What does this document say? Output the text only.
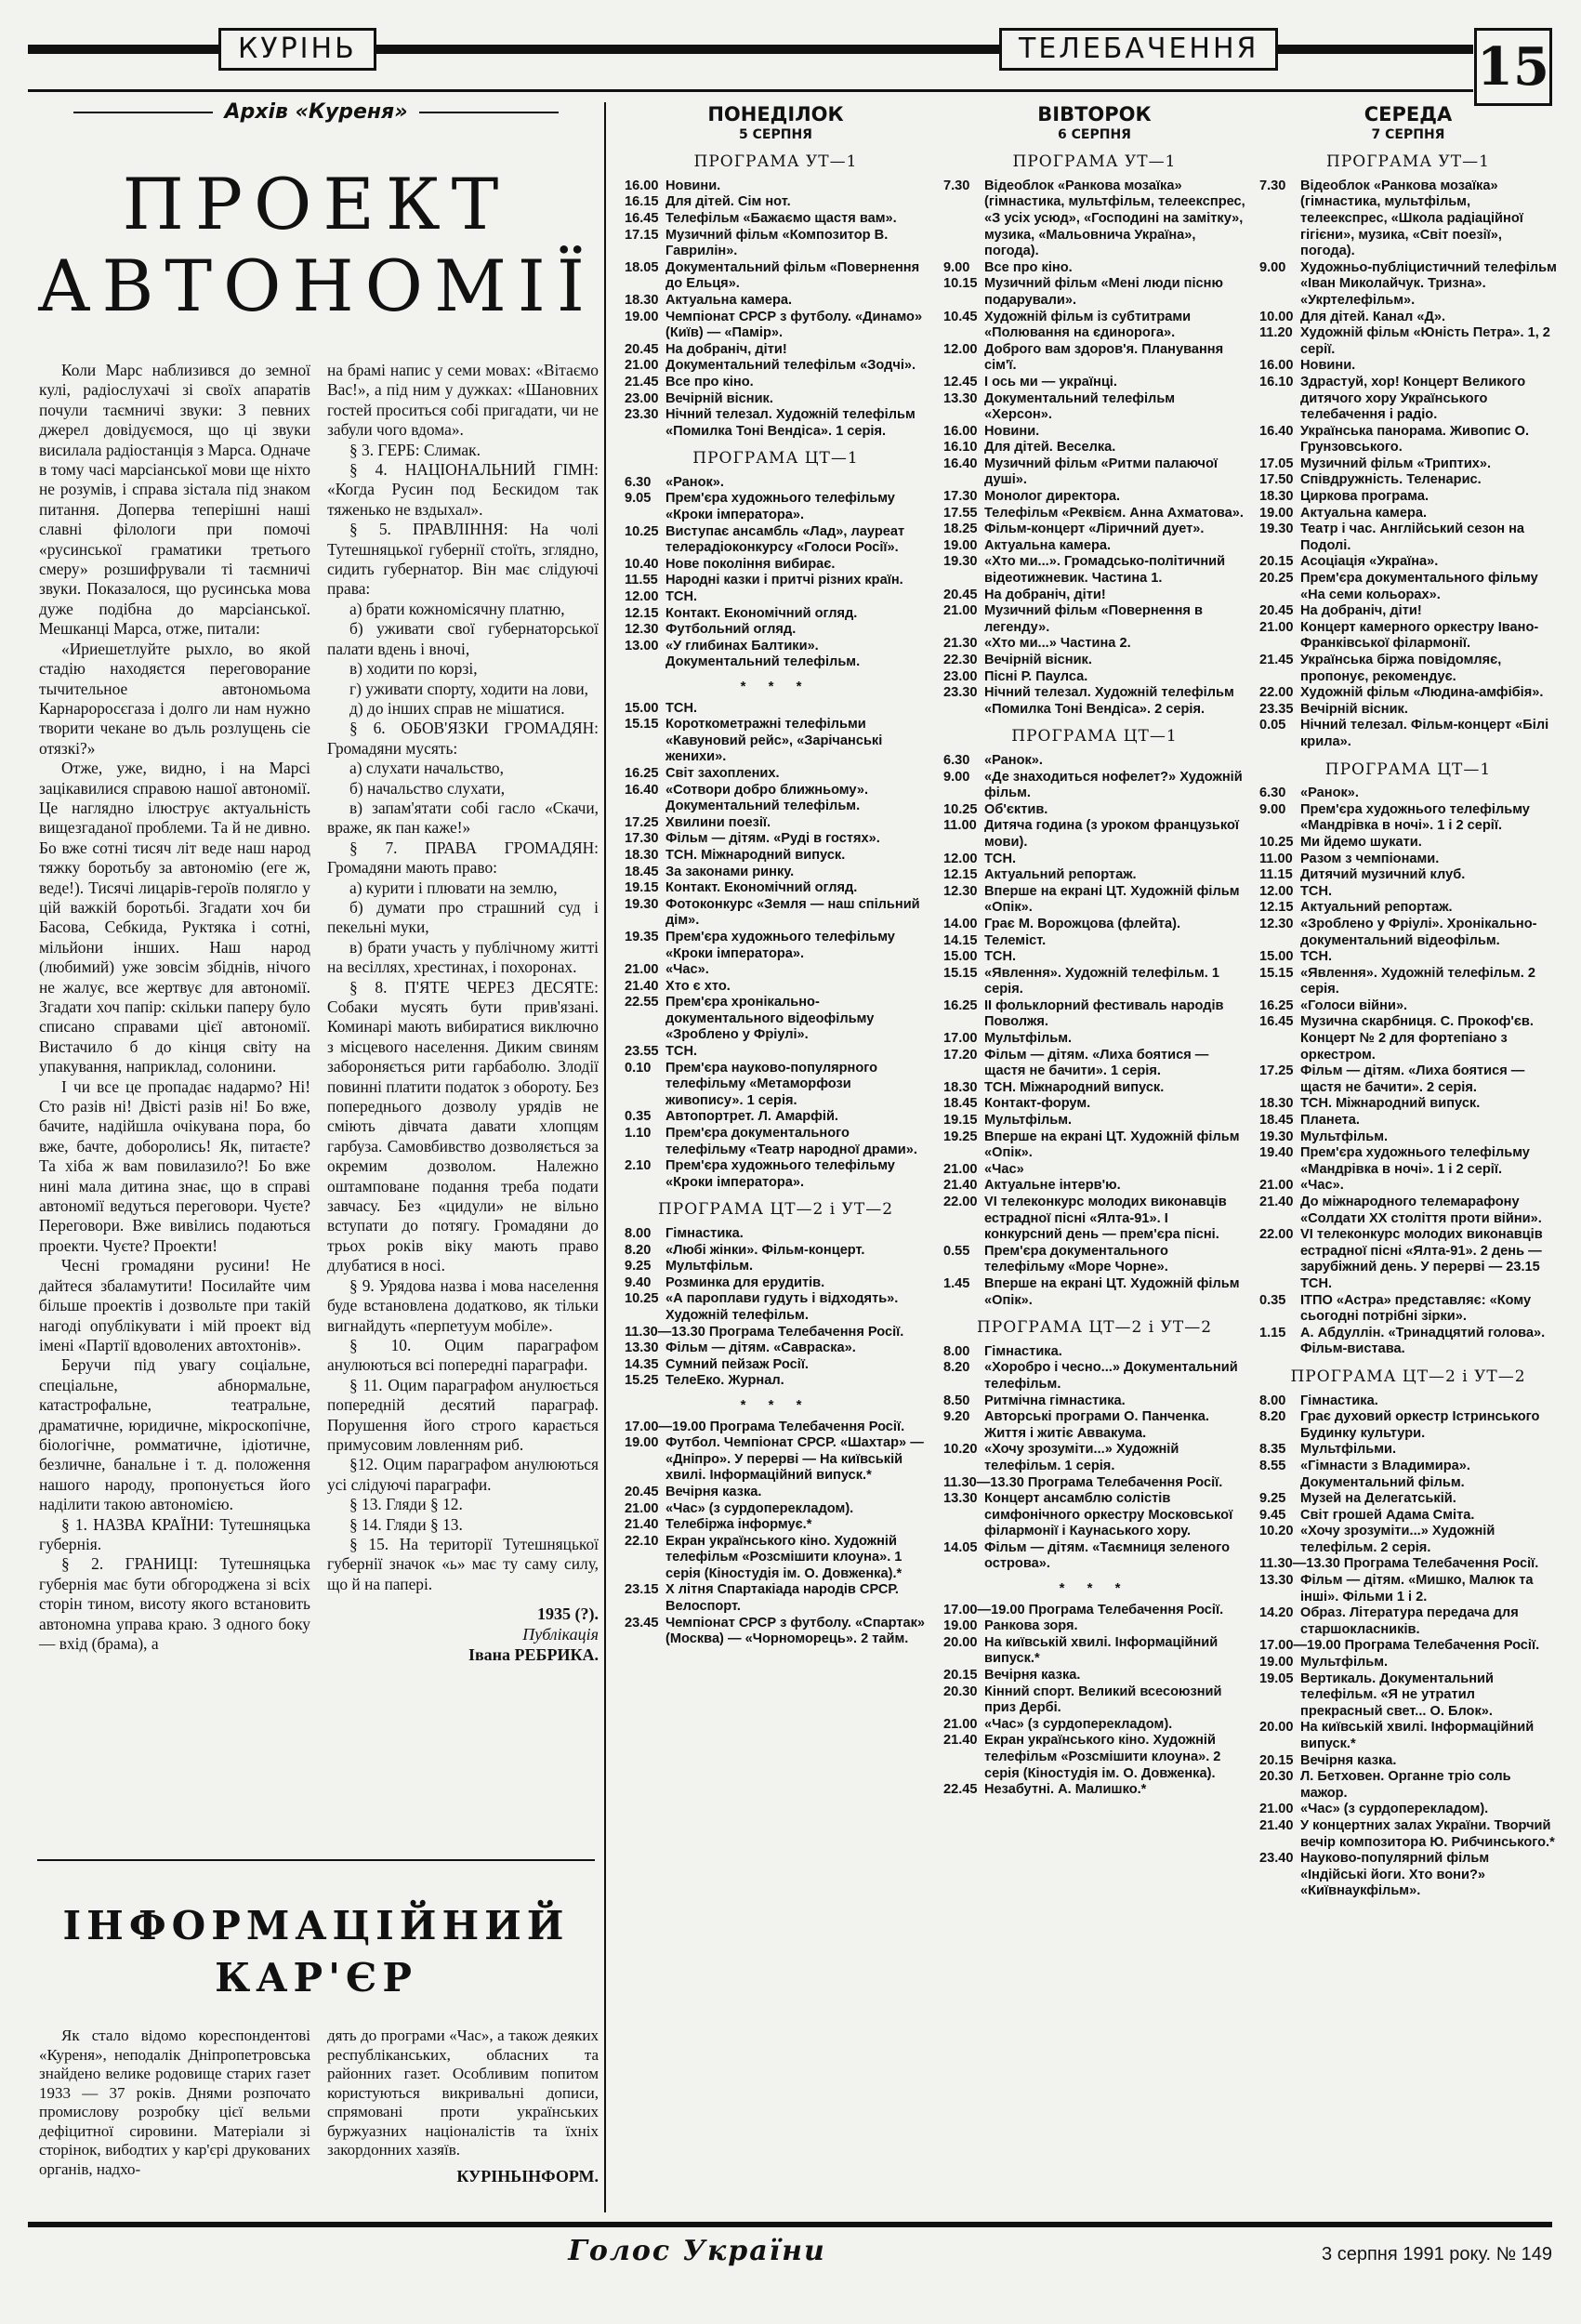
КУРІНЬ	ТЕЛЕБАЧЕННЯ	15
Архів «Куреня»
ПРОЕКТ
АВТОНОМІЇ

Коли Марс наблизився до земної кулі, радіослухачі зі своїх апаратів почули таємничі звуки: З певних джерел довідуємося, що ці звуки висилала радіостанція з Марса. Одначе в тому часі марсіанської мови ще ніхто не розумів, і справа зістала під знаком питання. Доперва теперішні наші славні філологи при помочі «русинської граматики третього смеру» розшифрували ті таємничі звуки. Показалося, що русинська мова дуже подібна до марсіанської. Мешканці Марса, отже, питали:

«Ириешетлуйте рыхло, во якой стадію находяєтся переговорание тычительное автономьома Карнароросєгаза і долго ли нам нужно творити чекане во дъль розлущень сіе отязкі?»

Отже, уже, видно, і на Марсі зацікавилися справою нашої автономії. Це наглядно ілюструє актуальність вищезгаданої проблеми. Та й не дивно. Бо вже сотні тисяч літ веде наш народ тяжку боротьбу за автономію (еге ж, веде!). Тисячі лицарів-героїв полягло у цій важкій боротьбі. Згадати хоч би Басова, Себкида, Руктяка і сотні, мільйони інших. Наш народ (любимий) уже зовсім збіднів, нічого не жалує, все жертвує для автономії. Згадати хоч папір: скільки паперу було списано справами цієї автономії. Вистачило б до кінця світу на упакування, наприклад, солонини.

І чи все це пропадає надармо? Ні! Сто разів ні! Двісті разів ні! Бо вже, бачите, надійшла очікувана пора, бо вже, бачте, доборолись! Як, питаєте? Та хіба ж вам повилазило?! Бо вже нині мала дитина знає, що в справі автономії ведуться переговори. Чуєте? Переговори. Вже вивілись подаються проекти. Чуєте? Проекти!

Чесні громадяни русини! Не дайтеся збаламутити! Посилайте чим більше проектів і дозвольте при такій нагоді опублікувати і мій проект від імені «Партії вдоволених автохтонів».

Беручи під увагу соціальне, спеціальне, абнормальне, катастрофальне, театральне, драматичне, юридичне, мікроскопічне, біологічне, ромматичне, ідіотичне, безличне, банальне і т. д. положення нашого народу, пропонується його наділити такою автономією.

§ 1. НАЗВА КРАЇНИ: Тутешняцька губернія.

§ 2. ГРАНИЦІ: Тутешняцька губернія має бути обгороджена зі всіх сторін тином, висоту якого встановить автономна управа краю. З одного боку — вхід (брама), а

на брамі напис у семи мовах: «Вітаємо Вас!», а під ним у дужках: «Шановних гостей проситься собі пригадати, чи не забули чого вдома».

§ 3. ГЕРБ: Слимак.

§ 4. НАЦІОНАЛЬНИЙ ГІМН: «Когда Русин под Бескидом так тяженько не вздыхал».

§ 5. ПРАВЛІННЯ: На чолі Тутешняцької губернії стоїть, зглядно, сидить губернатор. Він має слідуючі права:

а) брати кожномісячну платню,

б) уживати свої губернаторської палати вдень і вночі,

в) ходити по корзі,

г) уживати спорту, ходити на лови,

д) до інших справ не мішатися.

§ 6. ОБОВ'ЯЗКИ ГРОМАДЯН: Громадяни мусять:

а) слухати начальство,

б) начальство слухати,

в) запам'ятати собі гасло «Скачи, враже, як пан каже!»

§ 7. ПРАВА ГРОМАДЯН: Громадяни мають право:

а) курити і плювати на землю,

б) думати про страшний суд і пекельні муки,

в) брати участь у публічному житті на весіллях, хрестинах, і похоронах.

§ 8. П'ЯТЕ ЧЕРЕЗ ДЕСЯТЕ: Собаки мусять бути прив'язані. Коминарі мають вибиратися виключно з місцевого населення. Диким свиням забороняється рити гарбаболю. Злодії повинні платити податок з обороту. Без попереднього дозволу урядів не сміють дівчата давати хлопцям гарбуза. Самовбивство дозволяється за окремим дозволом. Належно оштамповане подання треба подати завчасу. Без «цидули» не вільно вступати до потягу. Громадяни до трьох років віку мають право длубатися в носі.

§ 9. Урядова назва і мова населення буде встановлена додатково, як тільки вигнайдуть «перпетуум мобіле».

§ 10. Оцим параграфом анулюються всі попередні параграфи.

§ 11. Оцим параграфом анулюється попередній десятий параграф. Порушення його строго карається примусовим ловленням риб.

§12. Оцим параграфом анулюються усі слідуючі параграфи.

§ 13. Гляди § 12.

§ 14. Гляди § 13.

§ 15. На території Тутешняцької губернії значок «ь» має ту саму силу, що й на папері.

1935 (?).
Публікація
Івана РЕБРИКА.
ІНФОРМАЦІЙНИЙ
КАР'ЄР

Як стало відомо кореспондентові «Куреня», неподалік Дніпропетровська знайдено велике родовище старих газет 1933 — 37 років. Днями розпочато промислову розробку цієї вельми дефіцитної сировини. Матеріали зі сторінок, вибодтих у кар'єрі друкованих органів, надхо-

дять до програми «Час», а також деяких республіканських, обласних та районних газет. Особливим попитом користуються викривальні дописи, спрямовані проти українських буржуазних націоналістів та їхніх закордонних хазяїв.

КУРІНЬІНФОРМ.
ПОНЕДІЛОК
5 СЕРПНЯ
ПРОГРАМА УТ—1
16.00 Новини.
16.15 Для дітей. Сім нот.
16.45 Телефільм «Бажаємо щастя вам».
17.15 Музичний фільм «Композитор В. Гаврилін».
18.05 Документальний фільм «Повернення до Ельця».
18.30 Актуальна камера.
19.00 Чемпіонат СРСР з футболу. «Динамо» (Київ) — «Памір».
20.45 На добраніч, діти!
21.00 Документальний телефільм «Зодчі».
21.45 Все про кіно.
23.00 Вечірній вісник.
23.30 Нічний телезал. Художній телефільм «Помилка Тоні Вендіса». 1 серія.
ПРОГРАМА ЦТ—1
6.30	«Ранок».
9.05	Прем'єра художнього телефільму «Кроки імператора».
10.25 Виступає ансамбль «Лад», лауреат телерадіоконкурсу «Голоси Росії».
10.40 Нове покоління вибирає.
11.55 Народні казки і притчі різних країн.
12.00 ТСН.
12.15 Контакт. Економічний огляд.
12.30 Футбольний огляд.
13.00 «У глибинах Балтики». Документальний телефільм.
* * *
15.00 ТСН.
15.15 Короткометражні телефільми «Кавуновий рейс», «Зарічанські женихи».
16.25 Світ захоплених.
16.40 «Сотвори добро ближньому». Документальний телефільм.
17.25 Хвилини поезії.
17.30 Фільм — дітям. «Руді в гостях».
18.30 ТСН. Міжнародний випуск.
18.45 За законами ринку.
19.15 Контакт. Економічний огляд.
19.30 Фотоконкурс «Земля — наш спільний дім».
19.35 Прем'єра художнього телефільму «Кроки імператора».
21.00 «Час».
21.40 Хто є хто.
22.55 Прем'єра хронікально-документального відеофільму «Зроблено у Фріулі».
23.55 ТСН.
0.10	Прем'єра науково-популярного телефільму «Метаморфози живопису». 1 серія.
0.35	Автопортрет. Л. Амарфій.
1.10	Прем'єра документального телефільму «Театр народної драми».
2.10	Прем'єра художнього телефільму «Кроки імператора».
ПРОГРАМА ЦТ—2 і УТ—2
8.00	Гімнастика.
8.20	«Любі жінки». Фільм-концерт.
9.25	Мультфільм.
9.40	Розминка для ерудитів.
10.25 «А пароплави гудуть і відходять». Художній телефільм.
11.30—13.30 Програма Телебачення Росії.
13.30 Фільм — дітям. «Савраска».
14.35 Сумний пейзаж Росії.
15.25 ТелеЕко. Журнал.
* * *
17.00—19.00 Програма Телебачення Росії.
19.00 Футбол. Чемпіонат СРСР. «Шахтар» — «Дніпро». У перерві — На київській хвилі. Інформаційний випуск.*
20.45 Вечірня казка.
21.00 «Час» (з сурдоперекладом).
21.40 Телебіржа інформує.*
22.10 Екран українського кіно. Художній телефільм «Розсмішити клоуна». 1 серія (Кіностудія ім. О. Довженка).*
23.15 X літня Спартакіада народів СРСР. Велоспорт.
23.45 Чемпіонат СРСР з футболу. «Спартак» (Москва) — «Чорноморець». 2 тайм.
ВІВТОРОК
6 СЕРПНЯ
ПРОГРАМА УТ—1
7.30	Відеоблок «Ранкова мозаїка» (гімнастика, мультфільм, телеекспрес, «З усіх усюд», «Господині на замітку», музика, «Мальовнича Україна», погода).
9.00	Все про кіно.
10.15 Музичний фільм «Мені люди пісню подарували».
10.45 Художній фільм із субтитрами «Полювання на єдинорога».
12.00 Доброго вам здоров'я. Планування сім'ї.
12.45 І ось ми — українці.
13.30 Документальний телефільм «Херсон».
16.00 Новини.
16.10 Для дітей. Веселка.
16.40 Музичний фільм «Ритми палаючої душі».
17.30 Монолог директора.
17.55 Телефільм «Реквієм. Анна Ахматова».
18.25 Фільм-концерт «Ліричний дует».
19.00 Актуальна камера.
19.30 «Хто ми...». Громадсько-політичний відеотижневик. Частина 1.
20.45 На добраніч, діти!
21.00 Музичний фільм «Повернення в легенду».
21.30 «Хто ми...» Частина 2.
22.30 Вечірній вісник.
23.00 Пісні Р. Паулса.
23.30 Нічний телезал. Художній телефільм «Помилка Тоні Вендіса». 2 серія.
ПРОГРАМА ЦТ—1
6.30	«Ранок».
9.00	«Де знаходиться нофелет?» Художній фільм.
10.25 Об'єктив.
11.00 Дитяча година (з уроком французької мови).
12.00 ТСН.
12.15 Актуальний репортаж.
12.30 Вперше на екрані ЦТ. Художній фільм «Опік».
14.00 Грає М. Ворожцова (флейта).
14.15 Телеміст.
15.00 ТСН.
15.15 «Явлення». Художній телефільм. 1 серія.
16.25 II фольклорний фестиваль народів Поволжя.
17.00 Мультфільм.
17.20 Фільм — дітям. «Лиха боятися — щастя не бачити». 1 серія.
18.30 ТСН. Міжнародний випуск.
18.45 Контакт-форум.
19.15 Мультфільм.
19.25 Вперше на екрані ЦТ. Художній фільм «Опік».
21.00 «Час»
21.40 Актуальне інтерв'ю.
22.00 VI телеконкурс молодих виконавців естрадної пісні «Ялта-91». І конкурсний день — прем'єра пісні.
0.55	Прем'єра документального телефільму «Море Чорне».
1.45	Вперше на екрані ЦТ. Художній фільм «Опік».
ПРОГРАМА ЦТ—2 і УТ—2
8.00	Гімнастика.
8.20	«Хоробро і чесно...» Документальний телефільм.
8.50	Ритмічна гімнастика.
9.20	Авторські програми О. Панченка. Життя і житіє Аввакума.
10.20 «Хочу зрозуміти...» Художній телефільм. 1 серія.
11.30—13.30 Програма Телебачення Росії.
13.30 Концерт ансамблю солістів симфонічного оркестру Московської філармонії і Каунаського хору.
14.05 Фільм — дітям. «Таємниця зеленого острова».
* * *
17.00—19.00 Програма Телебачення Росії.
19.00 Ранкова зоря.
20.00 На київській хвилі. Інформаційний випуск.*
20.15 Вечірня казка.
20.30 Кінний спорт. Великий всесоюзний приз Дербі.
21.00 «Час» (з сурдоперекладом).
21.40 Екран українського кіно. Художній телефільм «Розсмішити клоуна». 2 серія (Кіностудія ім. О. Довженка).
22.45 Незабутні. А. Малишко.*
СЕРЕДА
7 СЕРПНЯ
ПРОГРАМА УТ—1
7.30	Відеоблок «Ранкова мозаїка» (гімнастика, мультфільм, телеекспрес, «Школа радіаційної гігієни», музика, «Світ поезії», погода).
9.00	Художньо-публіцистичний телефільм «Іван Миколайчук. Тризна». «Укртелефільм».
10.00 Для дітей. Канал «Д».
11.20 Художній фільм «Юність Петра». 1, 2 серії.
16.00 Новини.
16.10 Здрастуй, хор! Концерт Великого дитячого хору Українського телебачення і радіо.
16.40 Українська панорама. Живопис О. Грунзовського.
17.05 Музичний фільм «Триптих».
17.50 Співдружність. Теленарис.
18.30 Циркова програма.
19.00 Актуальна камера.
19.30 Театр і час. Англійський сезон на Подолі.
20.15 Асоціація «Україна».
20.25 Прем'єра документального фільму «На семи кольорах».
20.45 На добраніч, діти!
21.00 Концерт камерного оркестру Івано-Франківської філармонії.
21.45 Українська біржа повідомляє, пропонує, рекомендує.
22.00 Художній фільм «Людина-амфібія».
23.35 Вечірній вісник.
0.05	Нічний телезал. Фільм-концерт «Білі крила».
ПРОГРАМА ЦТ—1
6.30	«Ранок».
9.00	Прем'єра художнього телефільму «Мандрівка в ночі». 1 і 2 серії.
10.25 Ми йдемо шукати.
11.00 Разом з чемпіонами.
11.15 Дитячий музичний клуб.
12.00 ТСН.
12.15 Актуальний репортаж.
12.30 «Зроблено у Фріулі». Хронікально-документальний відеофільм.
15.00 ТСН.
15.15 «Явлення». Художній телефільм. 2 серія.
16.25 «Голоси війни».
16.45 Музична скарбниця. С. Прокоф'єв. Концерт № 2 для фортепіано з оркестром.
17.25 Фільм — дітям. «Лиха боятися — щастя не бачити». 2 серія.
18.30 ТСН. Міжнародний випуск.
18.45 Планета.
19.30 Мультфільм.
19.40 Прем'єра художнього телефільму «Мандрівка в ночі». 1 і 2 серії.
21.00 «Час».
21.40 До міжнародного телемарафону «Солдати XX століття проти війни».
22.00 VI телеконкурс молодих виконавців естрадної пісні «Ялта-91». 2 день — зарубіжний день. У перерві — 23.15 ТСН.
0.35	ІТПО «Астра» представляє: «Кому сьогодні потрібні зірки».
1.15	А. Абдуллін. «Тринадцятий голова». Фільм-вистава.
ПРОГРАМА ЦТ—2 і УТ—2
8.00	Гімнастика.
8.20	Грає духовий оркестр Істринського Будинку культури.
8.35	Мультфільми.
8.55	«Гімнасти з Владимира». Документальний фільм.
9.25	Музей на Делегатській.
9.45	Світ грошей Адама Сміта.
10.20 «Хочу зрозуміти...» Художній телефільм. 2 серія.
11.30—13.30 Програма Телебачення Росії.
13.30 Фільм — дітям. «Мишко, Малюк та інші». Фільми 1 і 2.
14.20 Образ. Література передача для старшокласників.
17.00—19.00 Програма Телебачення Росії.
19.00 Мультфільм.
19.05 Вертикаль. Документальний телефільм. «Я не утратил прекрасный свет... О. Блок».
20.00 На київській хвилі. Інформаційний випуск.*
20.15 Вечірня казка.
20.30 Л. Бетховен. Органне тріо соль мажор.
21.00 «Час» (з сурдоперекладом).
21.40 У концертних залах України. Творчий вечір композитора Ю. Рибчинського.*
23.40 Науково-популярний фільм «Індійські йоги. Хто вони?» «Київнаукфільм».
Голос України	3 серпня 1991 року. № 149
